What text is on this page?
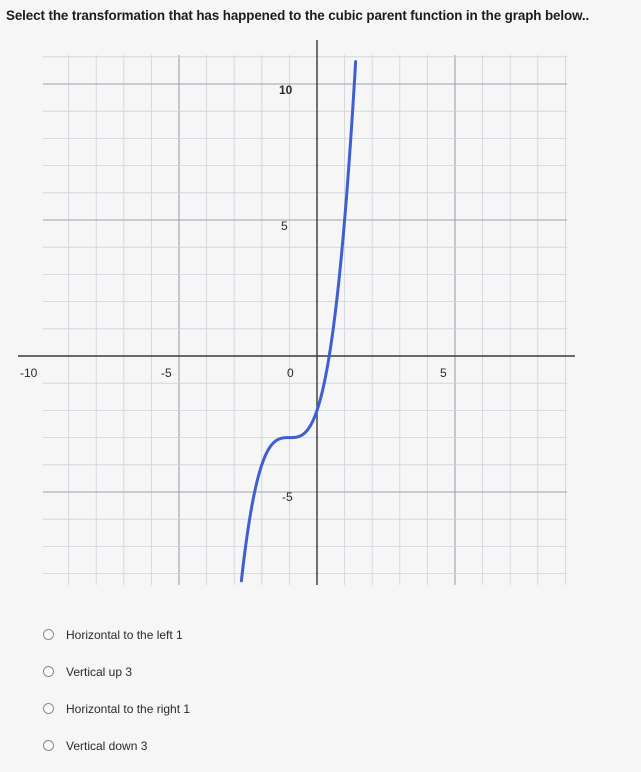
Select the transformation that has happened to the cubic parent function in the graph below..

-10	-5	0	5
10
5
-5
Horizontal to the left 1
Vertical up 3
Horizontal to the right 1
Vertical down 3
